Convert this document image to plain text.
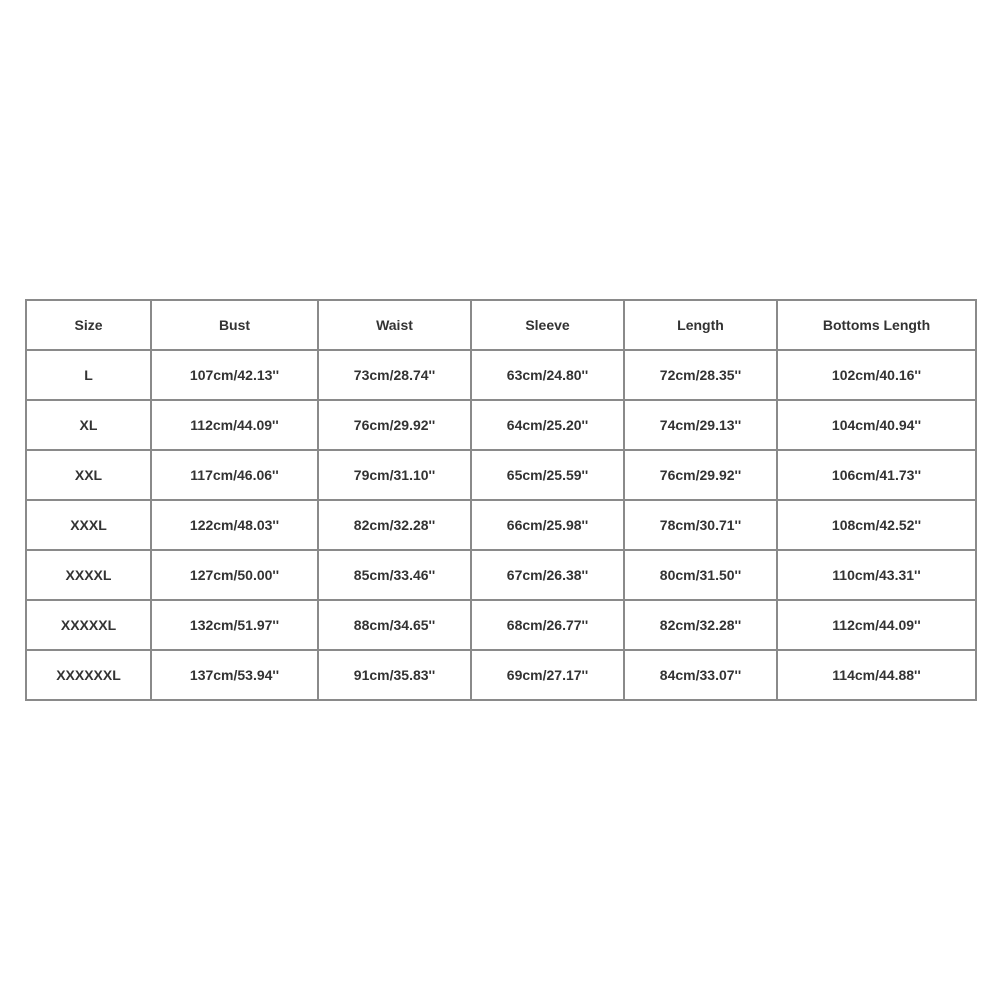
Size	Bust	Waist	Sleeve	Length	Bottoms Length
L	107cm/42.13''	73cm/28.74''	63cm/24.80''	72cm/28.35''	102cm/40.16''
XL	112cm/44.09''	76cm/29.92''	64cm/25.20''	74cm/29.13''	104cm/40.94''
XXL	117cm/46.06''	79cm/31.10''	65cm/25.59''	76cm/29.92''	106cm/41.73''
XXXL	122cm/48.03''	82cm/32.28''	66cm/25.98''	78cm/30.71''	108cm/42.52''
XXXXL	127cm/50.00''	85cm/33.46''	67cm/26.38''	80cm/31.50''	110cm/43.31''
XXXXXL	132cm/51.97''	88cm/34.65''	68cm/26.77''	82cm/32.28''	112cm/44.09''
XXXXXXL	137cm/53.94''	91cm/35.83''	69cm/27.17''	84cm/33.07''	114cm/44.88''
